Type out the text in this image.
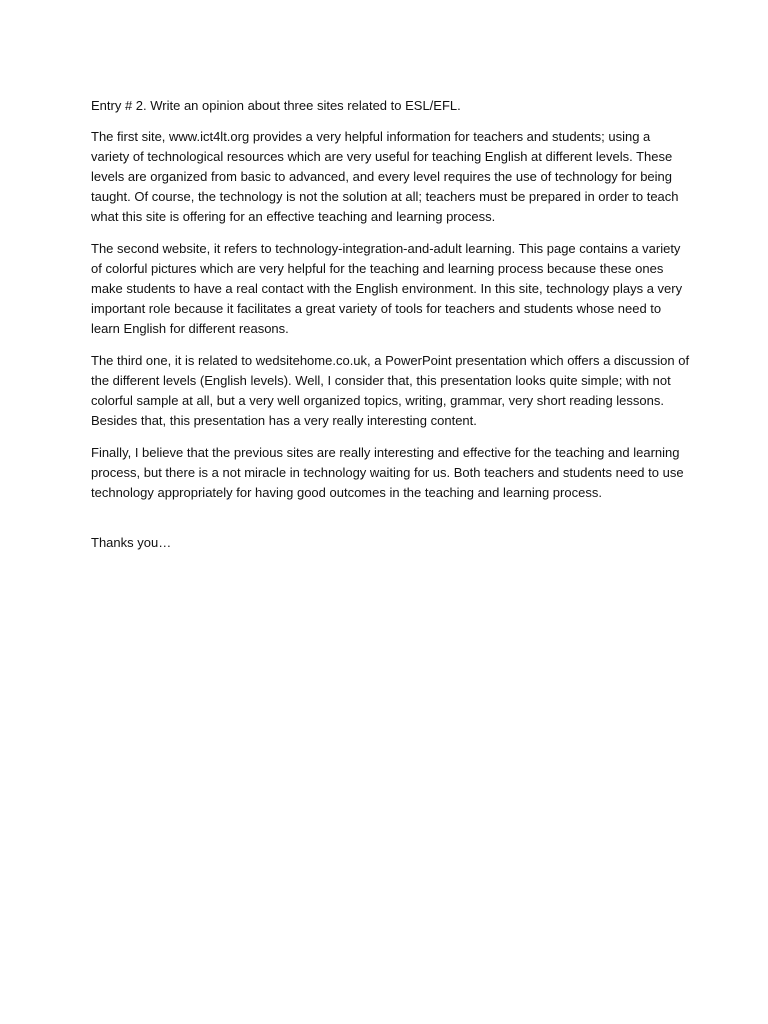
Entry # 2. Write an opinion about three sites related to ESL/EFL.

The first site, www.ict4lt.org provides a very helpful information for teachers and students; using a variety of technological resources which are very useful for teaching English at different levels. These levels are organized from basic to advanced, and every level requires the use of technology for being taught. Of course, the technology is not the solution at all; teachers must be prepared in order to teach what this site is offering for an effective teaching and learning process.

The second website, it refers to technology-integration-and-adult learning. This page contains a variety of colorful pictures which are very helpful for the teaching and learning process because these ones make students to have a real contact with the English environment. In this site, technology plays a very important role because it facilitates a great variety of tools for teachers and students whose need to learn English for different reasons.

The third one, it is related to wedsitehome.co.uk, a PowerPoint presentation which offers a discussion of the different levels (English levels). Well, I consider that, this presentation looks quite simple; with not colorful sample at all, but a very well organized topics, writing, grammar, very short reading lessons. Besides that, this presentation has a very really interesting content.

Finally, I believe that the previous sites are really interesting and effective for the teaching and learning process, but there is a not miracle in technology waiting for us. Both teachers and students need to use technology appropriately for having good outcomes in the teaching and learning process.

Thanks you…
